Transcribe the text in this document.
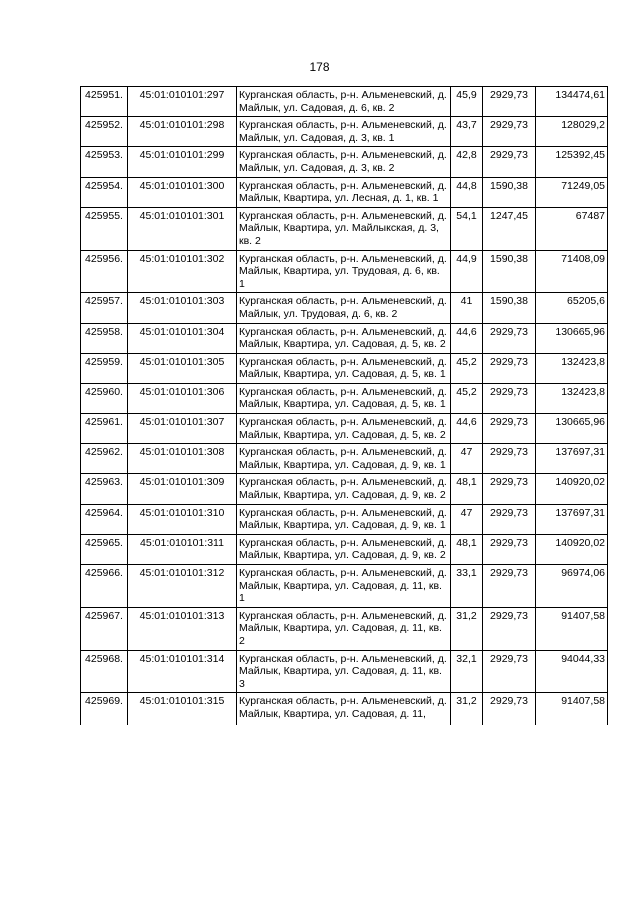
178
425951.	45:01:010101:297	Курганская область, р-н. Альменевский, д. Майлык, ул. Садовая, д. 6, кв. 2	45,9	2929,73	134474,61
425952.	45:01:010101:298	Курганская область, р-н. Альменевский, д. Майлык, ул. Садовая, д. 3, кв. 1	43,7	2929,73	128029,2
425953.	45:01:010101:299	Курганская область, р-н. Альменевский, д. Майлык, ул. Садовая, д. 3, кв. 2	42,8	2929,73	125392,45
425954.	45:01:010101:300	Курганская область, р-н. Альменевский, д. Майлык, Квартира, ул. Лесная, д. 1, кв. 1	44,8	1590,38	71249,05
425955.	45:01:010101:301	Курганская область, р-н. Альменевский, д. Майлык, Квартира, ул. Майлыкская, д. 3, кв. 2	54,1	1247,45	67487
425956.	45:01:010101:302	Курганская область, р-н. Альменевский, д. Майлык, Квартира, ул. Трудовая, д. 6, кв. 1	44,9	1590,38	71408,09
425957.	45:01:010101:303	Курганская область, р-н. Альменевский, д. Майлык, ул. Трудовая, д. 6, кв. 2	41	1590,38	65205,6
425958.	45:01:010101:304	Курганская область, р-н. Альменевский, д. Майлык, Квартира, ул. Садовая, д. 5, кв. 2	44,6	2929,73	130665,96
425959.	45:01:010101:305	Курганская область, р-н. Альменевский, д. Майлык, Квартира, ул. Садовая, д. 5, кв. 1	45,2	2929,73	132423,8
425960.	45:01:010101:306	Курганская область, р-н. Альменевский, д. Майлык, Квартира, ул. Садовая, д. 5, кв. 1	45,2	2929,73	132423,8
425961.	45:01:010101:307	Курганская область, р-н. Альменевский, д. Майлык, Квартира, ул. Садовая, д. 5, кв. 2	44,6	2929,73	130665,96
425962.	45:01:010101:308	Курганская область, р-н. Альменевский, д. Майлык, Квартира, ул. Садовая, д. 9, кв. 1	47	2929,73	137697,31
425963.	45:01:010101:309	Курганская область, р-н. Альменевский, д. Майлык, Квартира, ул. Садовая, д. 9, кв. 2	48,1	2929,73	140920,02
425964.	45:01:010101:310	Курганская область, р-н. Альменевский, д. Майлык, Квартира, ул. Садовая, д. 9, кв. 1	47	2929,73	137697,31
425965.	45:01:010101:311	Курганская область, р-н. Альменевский, д. Майлык, Квартира, ул. Садовая, д. 9, кв. 2	48,1	2929,73	140920,02
425966.	45:01:010101:312	Курганская область, р-н. Альменевский, д. Майлык, Квартира, ул. Садовая, д. 11, кв. 1	33,1	2929,73	96974,06
425967.	45:01:010101:313	Курганская область, р-н. Альменевский, д. Майлык, Квартира, ул. Садовая, д. 11, кв. 2	31,2	2929,73	91407,58
425968.	45:01:010101:314	Курганская область, р-н. Альменевский, д. Майлык, Квартира, ул. Садовая, д. 11, кв. 3	32,1	2929,73	94044,33
425969.	45:01:010101:315	Курганская область, р-н. Альменевский, д. Майлык, Квартира, ул. Садовая, д. 11,	31,2	2929,73	91407,58
